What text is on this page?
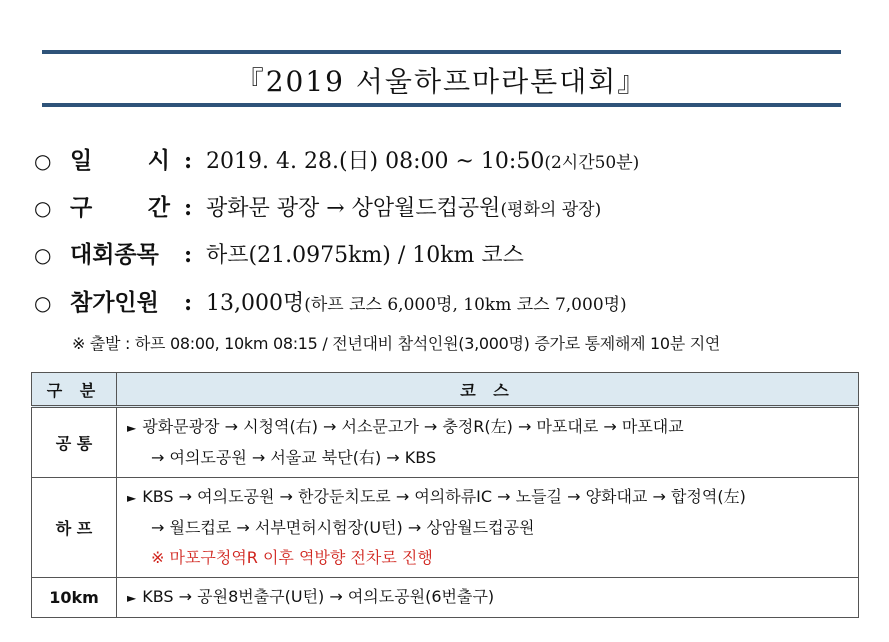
『2019 서울하프마라톤대회』
○ 일 시 : 2019. 4. 28.(日) 08:00 ~ 10:50(2시간50분)
○ 구 간 : 광화문 광장 → 상암월드컵공원(평화의 광장)
○ 대회종목	: 하프(21.0975km) / 10km 코스
○ 참가인원	: 13,000명(하프 코스 6,000명, 10km 코스 7,000명)
※ 출발 : 하프 08:00, 10km 08:15 / 전년대비 참석인원(3,000명) 증가로 통제해제 10분 지연
구 분	코 스
공 통	► 광화문광장 → 시청역(右) → 서소문고가 → 충정R(左) → 마포대로 → 마포대교
→ 여의도공원 → 서울교 북단(右) → KBS

하 프	► KBS → 여의도공원 → 한강둔치도로 → 여의하류IC → 노들길 → 양화대교 → 합정역(左)
→ 월드컵로 → 서부면허시험장(U턴) → 상암월드컵공원
※ 마포구청역R 이후 역방향 전차로 진행

10km	► KBS → 공원8번출구(U턴) → 여의도공원(6번출구)
